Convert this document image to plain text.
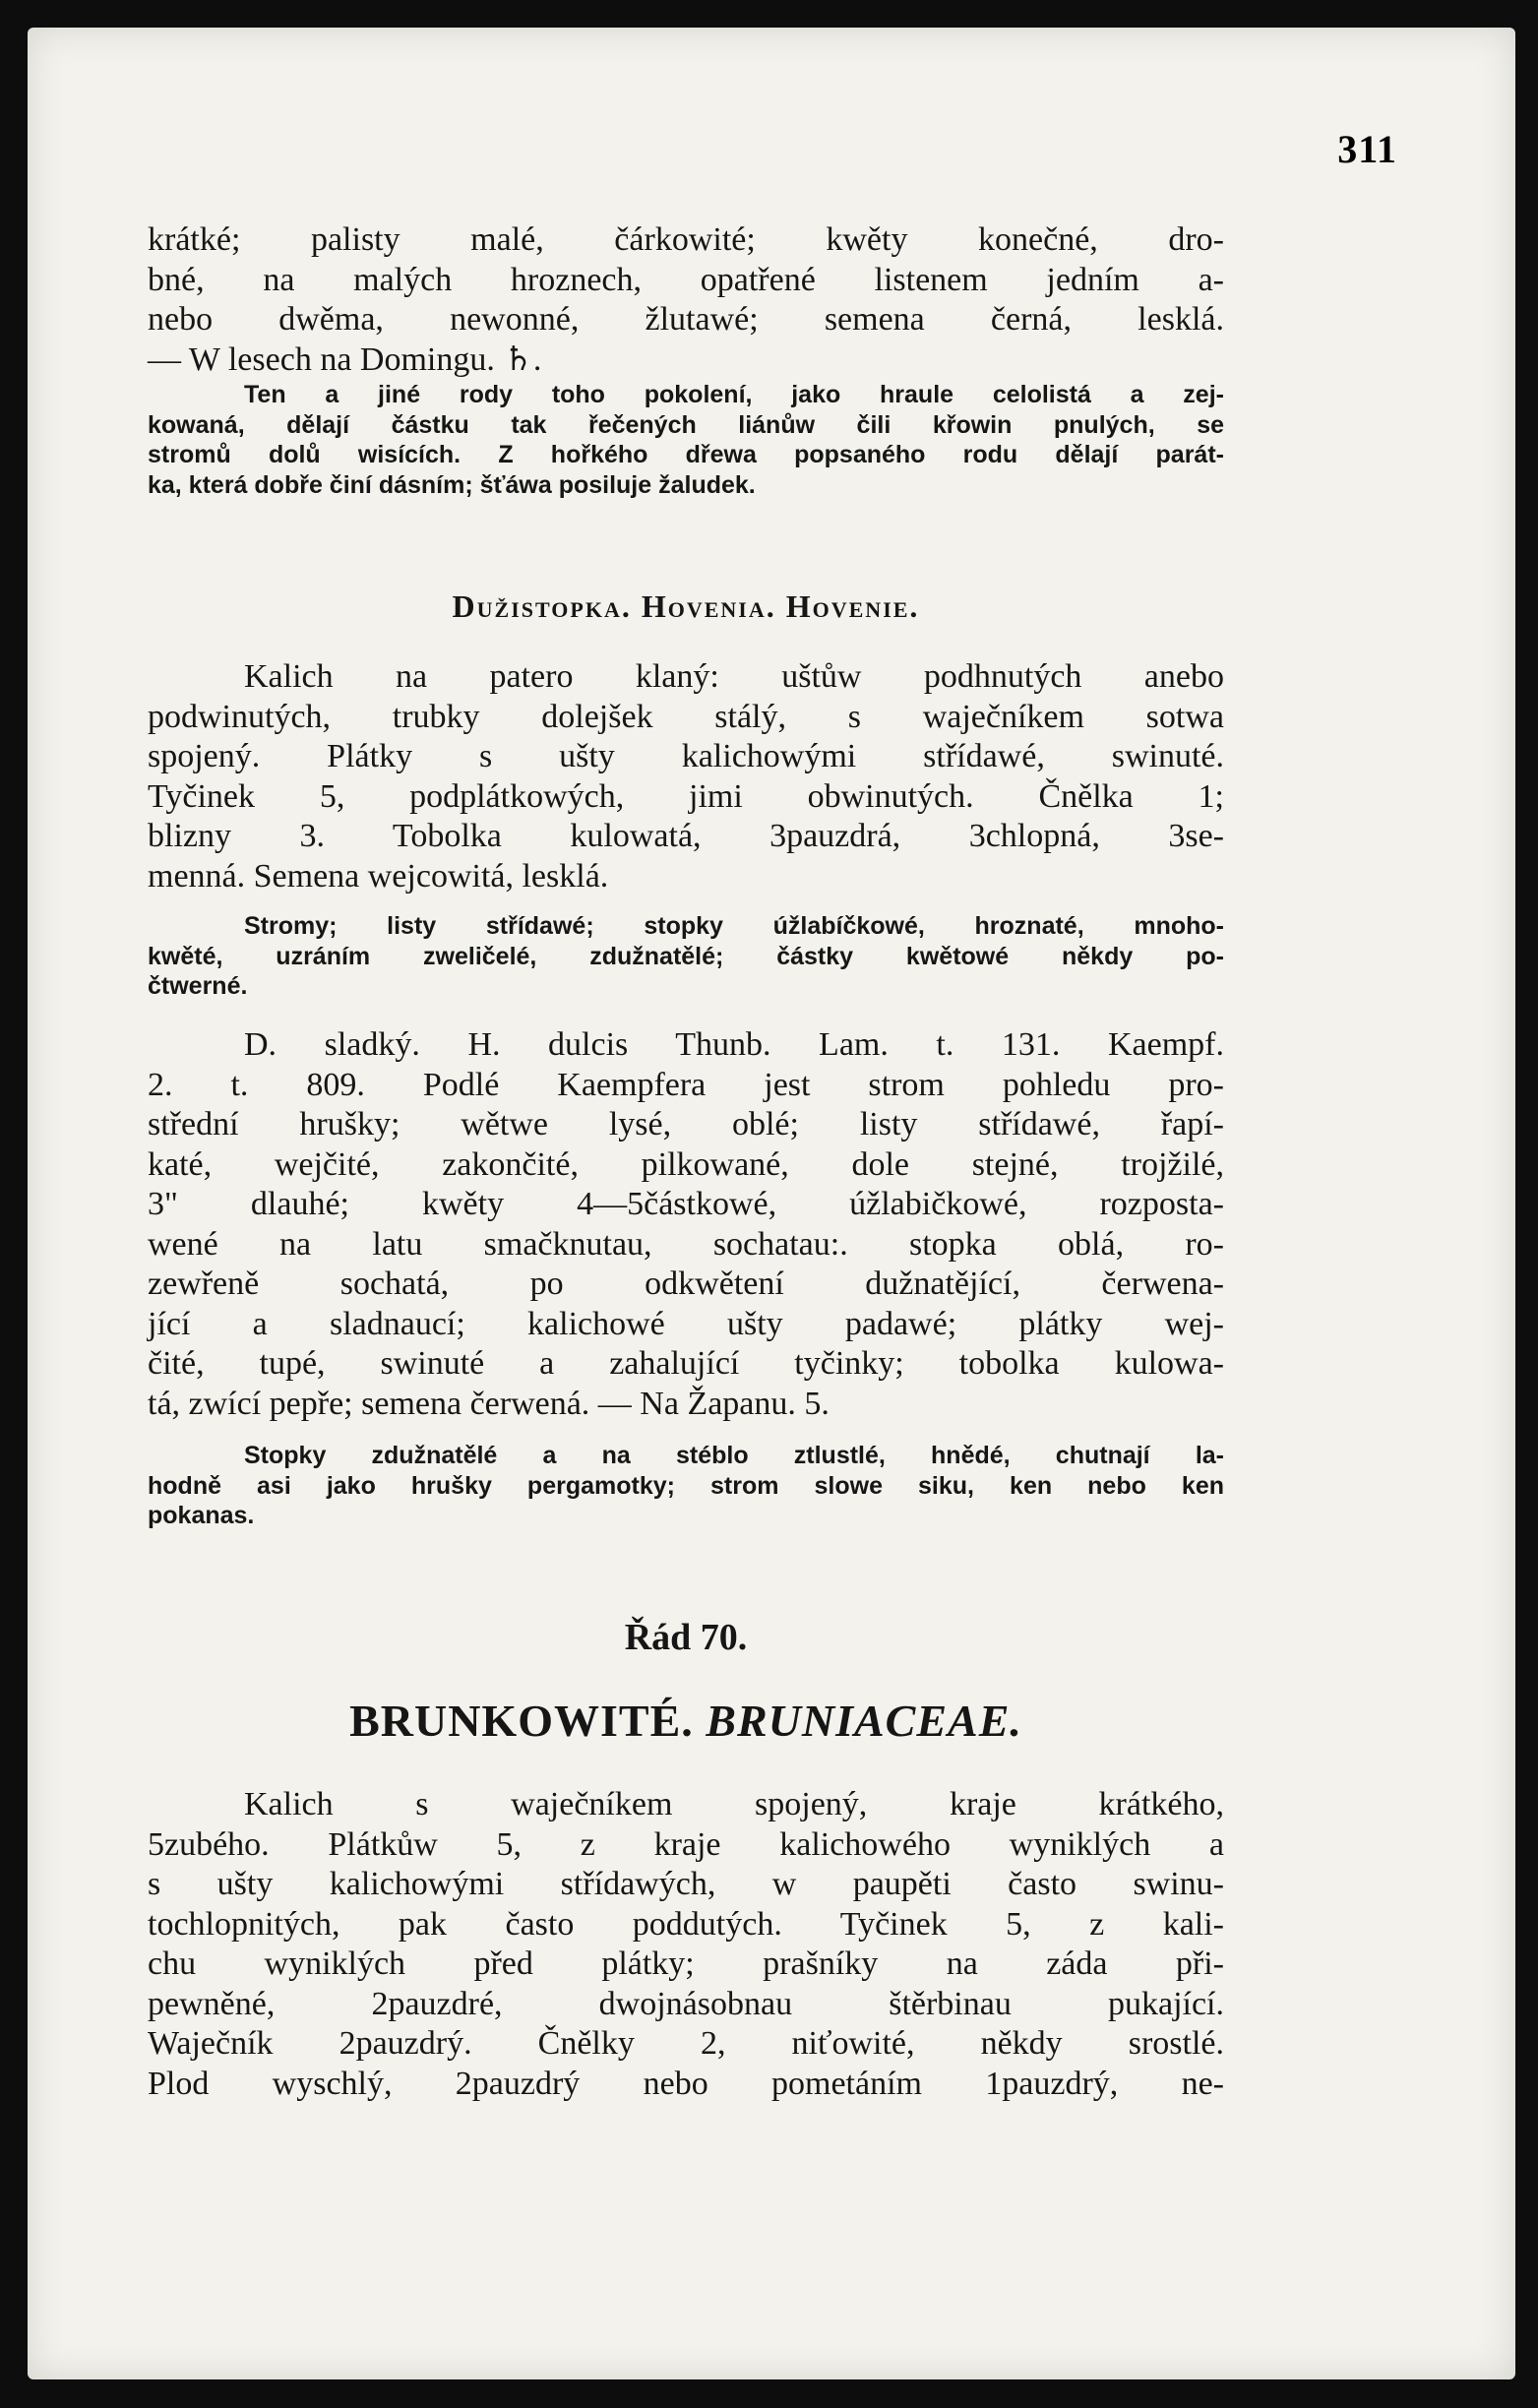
311
krátké; palisty malé, čárkowité; kwěty konečné, dro-
bné, na malých hroznech, opatřené listenem jedním a-
nebo dwěma, newonné, žlutawé; semena černá, lesklá.
— W lesech na Domingu. ♄.
Ten a jiné rody toho pokolení, jako hraule celolistá a zej-
kowaná, dělají částku tak řečených liánůw čili křowin pnulých, se
stromů dolů wisících. Z hořkého dřewa popsaného rodu dělají parát-
ka, která dobře činí dásním; šťáwa posiluje žaludek.
Dužistopka. Hovenia. Hovenie.
Kalich na patero klaný: uštůw podhnutých anebo
podwinutých, trubky dolejšek stálý, s waječníkem sotwa
spojený. Plátky s ušty kalichowými střídawé, swinuté.
Tyčinek 5, podplátkowých, jimi obwinutých. Čnělka 1;
blizny 3. Tobolka kulowatá, 3pauzdrá, 3chlopná, 3se-
menná. Semena wejcowitá, lesklá.
Stromy; listy střídawé; stopky úžlabíčkowé, hroznaté, mnoho-
kwěté, uzráním zweličelé, zdužnatělé; částky kwětowé někdy po-
čtwerné.
D. sladký. H. dulcis Thunb. Lam. t. 131. Kaempf.
2. t. 809. Podlé Kaempfera jest strom pohledu pro-
střední hrušky; wětwe lysé, oblé; listy střídawé, řapí-
katé, wejčité, zakončité, pilkowané, dole stejné, trojžilé,
3" dlauhé; kwěty 4—5částkowé, úžlabičkowé, rozposta-
wené na latu smačknutau, sochatau:. stopka oblá, ro-
zewřeně sochatá, po odkwětení dužnatějící, čerwena-
jící a sladnaucí; kalichowé ušty padawé; plátky wej-
čité, tupé, swinuté a zahalující tyčinky; tobolka kulowa-
tá, zwící pepře; semena čerwená. — Na Žapanu. 5.
Stopky zdužnatělé a na stéblo ztlustlé, hnědé, chutnají la-
hodně asi jako hrušky pergamotky; strom slowe siku, ken nebo ken
pokanas.
Řád 70.
BRUNKOWITÉ. BRUNIACEAE.
Kalich s waječníkem spojený, kraje krátkého,
5zubého. Plátkůw 5, z kraje kalichowého wyniklých a
s ušty kalichowými střídawých, w paupěti často swinu-
tochlopnitých, pak často poddutých. Tyčinek 5, z kali-
chu wyniklých před plátky; prašníky na záda při-
pewněné, 2pauzdré, dwojnásobnau štěrbinau pukající.
Waječník 2pauzdrý. Čnělky 2, niťowité, někdy srostlé.
Plod wyschlý, 2pauzdrý nebo pometáním 1pauzdrý, ne-
